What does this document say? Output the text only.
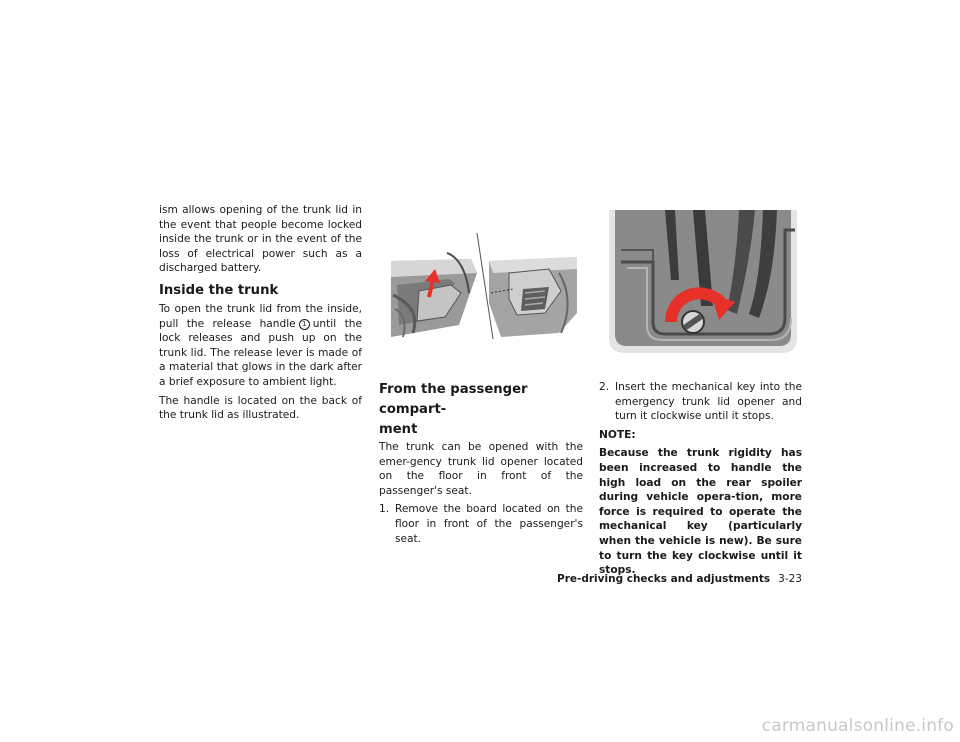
ism allows opening of the trunk lid in the event that people become locked inside the trunk or in the event of the loss of electrical power such as a discharged battery.

Inside the trunk

To open the trunk lid from the inside, pull the release handle 1 until the lock releases and push up on the trunk lid. The release lever is made of a material that glows in the dark after a brief exposure to ambient light.

The handle is located on the back of the trunk lid as illustrated.

From the passenger compart-
ment

The trunk can be opened with the emer-gency trunk lid opener located on the floor in front of the passenger's seat.

1. Remove the board located on the floor in front of the passenger's seat.
2. Insert the mechanical key into the emergency trunk lid opener and turn it clockwise until it stops.

NOTE:

Because the trunk rigidity has been increased to handle the high load on the rear spoiler during vehicle opera-tion, more force is required to operate the mechanical key (particularly when the vehicle is new). Be sure to turn the key clockwise until it stops.

Pre-driving checks and adjustments 3-23
carmanualsonline.info
